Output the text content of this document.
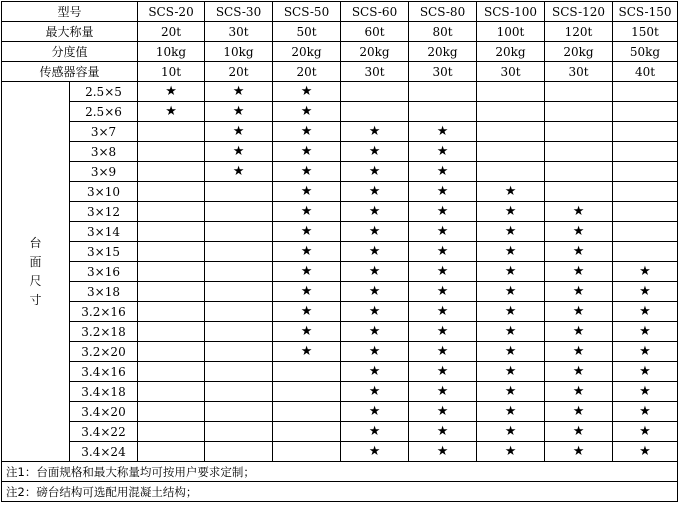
型号		SCS-20	SCS-30	SCS-50	SCS-60	SCS-80	SCS-100	SCS-120	SCS-150
最大称量		20t	30t	50t	60t	80t	100t	120t	150t
分度值		10kg	10kg	20kg	20kg	20kg	20kg	20kg	50kg
传感器容量		10t	20t	20t	30t	30t	30t	30t	40t

台
面
尺
寸	2.5×5	★	★	★					
	2.5×6	★	★	★					
	3×7		★	★	★	★			
	3×8		★	★	★	★			
	3×9		★	★	★	★			
	3×10			★	★	★	★		
	3×12			★	★	★	★	★	
	3×14			★	★	★	★	★	
	3×15			★	★	★	★	★	
	3×16			★	★	★	★	★	★
	3×18			★	★	★	★	★	★
	3.2×16			★	★	★	★	★	★
	3.2×18			★	★	★	★	★	★
	3.2×20			★	★	★	★	★	★
	3.4×16				★	★	★	★	★
	3.4×18				★	★	★	★	★
	3.4×20				★	★	★	★	★
	3.4×22				★	★	★	★	★
	3.4×24				★	★	★	★	★
注1：台面规格和最大称量均可按用户要求定制；									
注2：磅台结构可选配用混凝土结构；									
